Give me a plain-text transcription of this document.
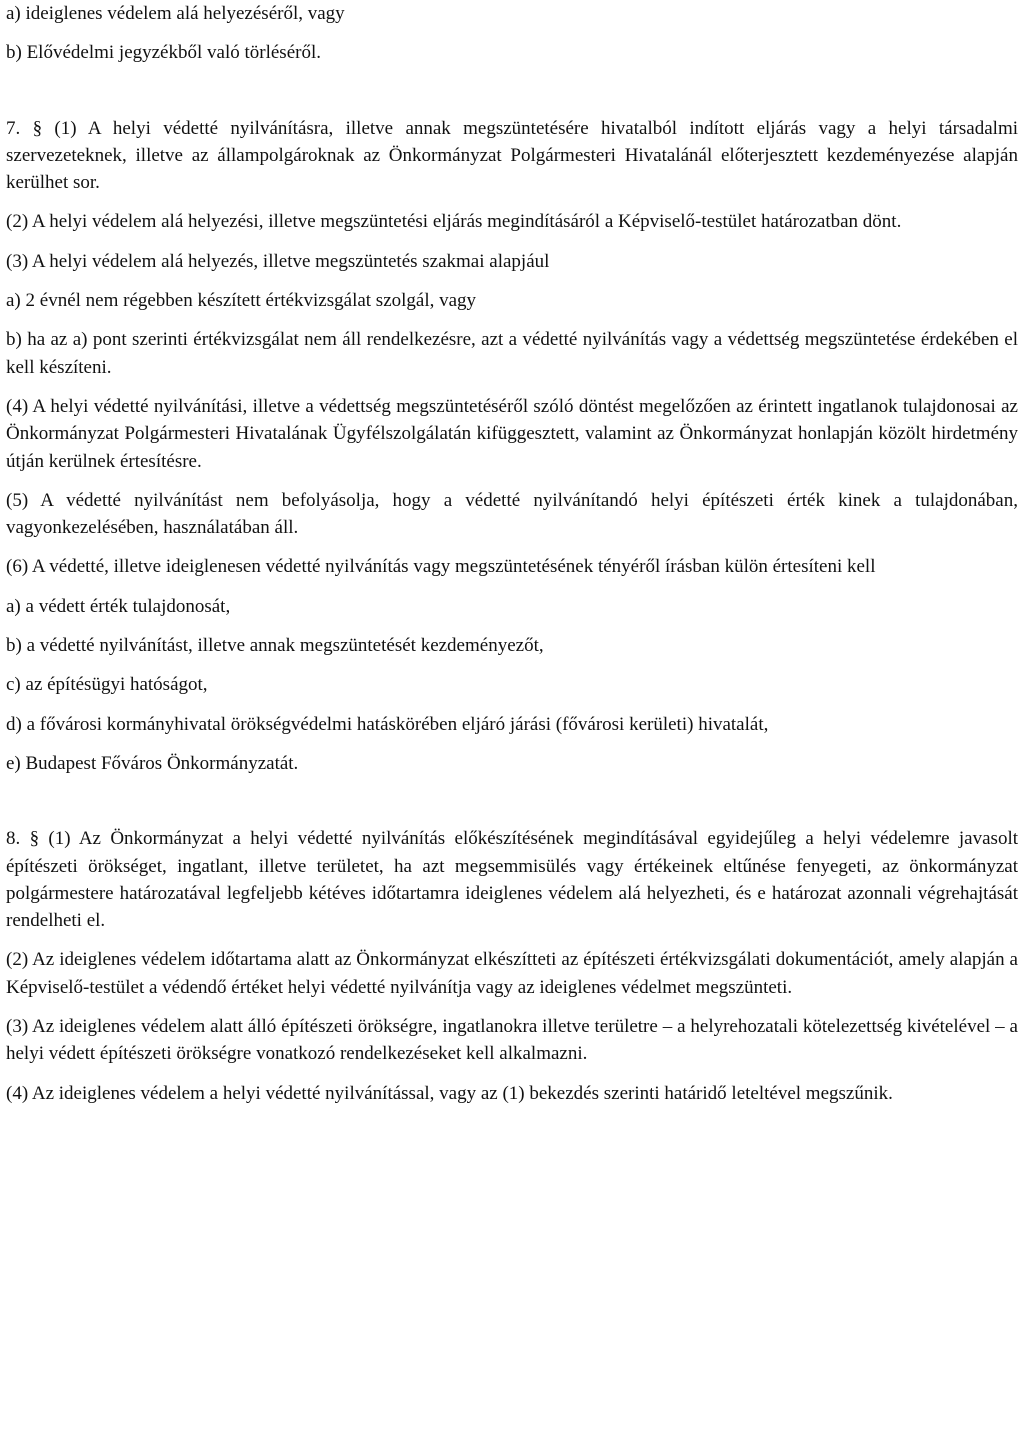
a) ideiglenes védelem alá helyezéséről, vagy

b) Elővédelmi jegyzékből való törléséről.

7. § (1) A helyi védetté nyilvánításra, illetve annak megszüntetésére hivatalból indított eljárás vagy a helyi társadalmi szervezeteknek, illetve az állampolgároknak az Önkormányzat Polgármesteri Hivatalánál előterjesztett kezdeményezése alapján kerülhet sor.

(2) A helyi védelem alá helyezési, illetve megszüntetési eljárás megindításáról a Képviselő-testület határozatban dönt.

(3) A helyi védelem alá helyezés, illetve megszüntetés szakmai alapjául

a) 2 évnél nem régebben készített értékvizsgálat szolgál, vagy

b) ha az a) pont szerinti értékvizsgálat nem áll rendelkezésre, azt a védetté nyilvánítás vagy a védettség megszüntetése érdekében el kell készíteni.

(4) A helyi védetté nyilvánítási, illetve a védettség megszüntetéséről szóló döntést megelőzően az érintett ingatlanok tulajdonosai az Önkormányzat Polgármesteri Hivatalának Ügyfélszolgálatán kifüggesztett, valamint az Önkormányzat honlapján közölt hirdetmény útján kerülnek értesítésre.

(5) A védetté nyilvánítást nem befolyásolja, hogy a védetté nyilvánítandó helyi építészeti érték kinek a tulajdonában, vagyonkezelésében, használatában áll.

(6) A védetté, illetve ideiglenesen védetté nyilvánítás vagy megszüntetésének tényéről írásban külön értesíteni kell

a) a védett érték tulajdonosát,

b) a védetté nyilvánítást, illetve annak megszüntetését kezdeményezőt,

c) az építésügyi hatóságot,

d) a fővárosi kormányhivatal örökségvédelmi hatáskörében eljáró járási (fővárosi kerületi) hivatalát,

e) Budapest Főváros Önkormányzatát.

8. § (1) Az Önkormányzat a helyi védetté nyilvánítás előkészítésének megindításával egyidejűleg a helyi védelemre javasolt építészeti örökséget, ingatlant, illetve területet, ha azt megsemmisülés vagy értékeinek eltűnése fenyegeti, az önkormányzat polgármestere határozatával legfeljebb kétéves időtartamra ideiglenes védelem alá helyezheti, és e határozat azonnali végrehajtását rendelheti el.

(2) Az ideiglenes védelem időtartama alatt az Önkormányzat elkészítteti az építészeti értékvizsgálati dokumentációt, amely alapján a Képviselő-testület a védendő értéket helyi védetté nyilvánítja vagy az ideiglenes védelmet megszünteti.

(3) Az ideiglenes védelem alatt álló építészeti örökségre, ingatlanokra illetve területre – a helyrehozatali kötelezettség kivételével – a helyi védett építészeti örökségre vonatkozó rendelkezéseket kell alkalmazni.

(4) Az ideiglenes védelem a helyi védetté nyilvánítással, vagy az (1) bekezdés szerinti határidő leteltével megszűnik.
